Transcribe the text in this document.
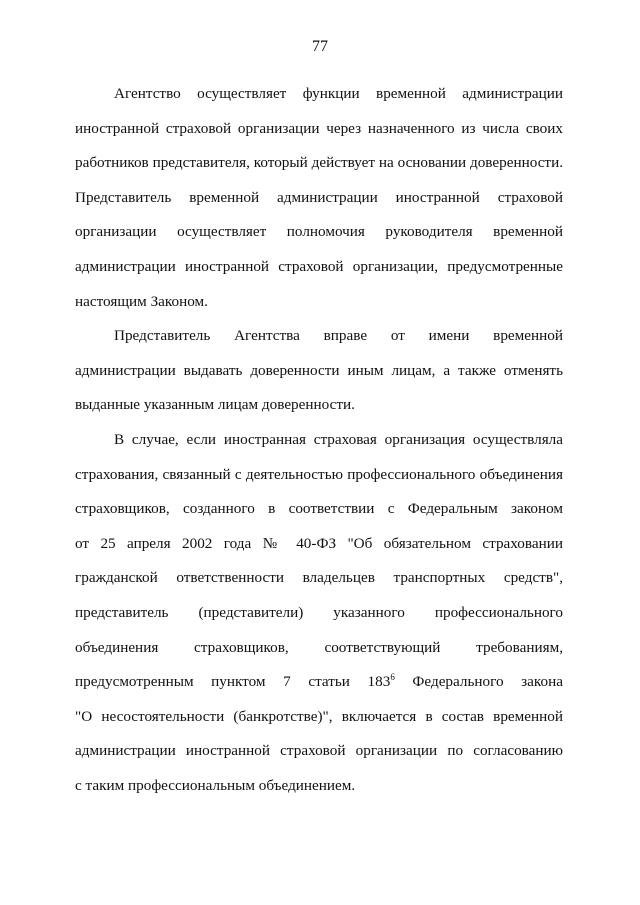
77

Агентство осуществляет функции временной администрации
иностранной страховой организации через назначенного из числа своих
работников представителя, который действует на основании доверенности.
Представитель временной администрации иностранной страховой
организации осуществляет полномочия руководителя временной
администрации иностранной страховой организации, предусмотренные
настоящим Законом.

Представитель Агентства вправе от имени временной
администрации выдавать доверенности иным лицам, а также отменять
выданные указанным лицам доверенности.

В случае, если иностранная страховая организация осуществляла
страхования, связанный с деятельностью профессионального объединения
страховщиков, созданного в соответствии с Федеральным законом
от 25 апреля 2002 года № 40-ФЗ "Об обязательном страховании
гражданской ответственности владельцев транспортных средств",
представитель (представители) указанного профессионального
объединения страховщиков, соответствующий требованиям,
предусмотренным пунктом 7 статьи $183^6$ Федерального закона
"О несостоятельности (банкротстве)", включается в состав временной
администрации иностранной страховой организации по согласованию
с таким профессиональным объединением.
